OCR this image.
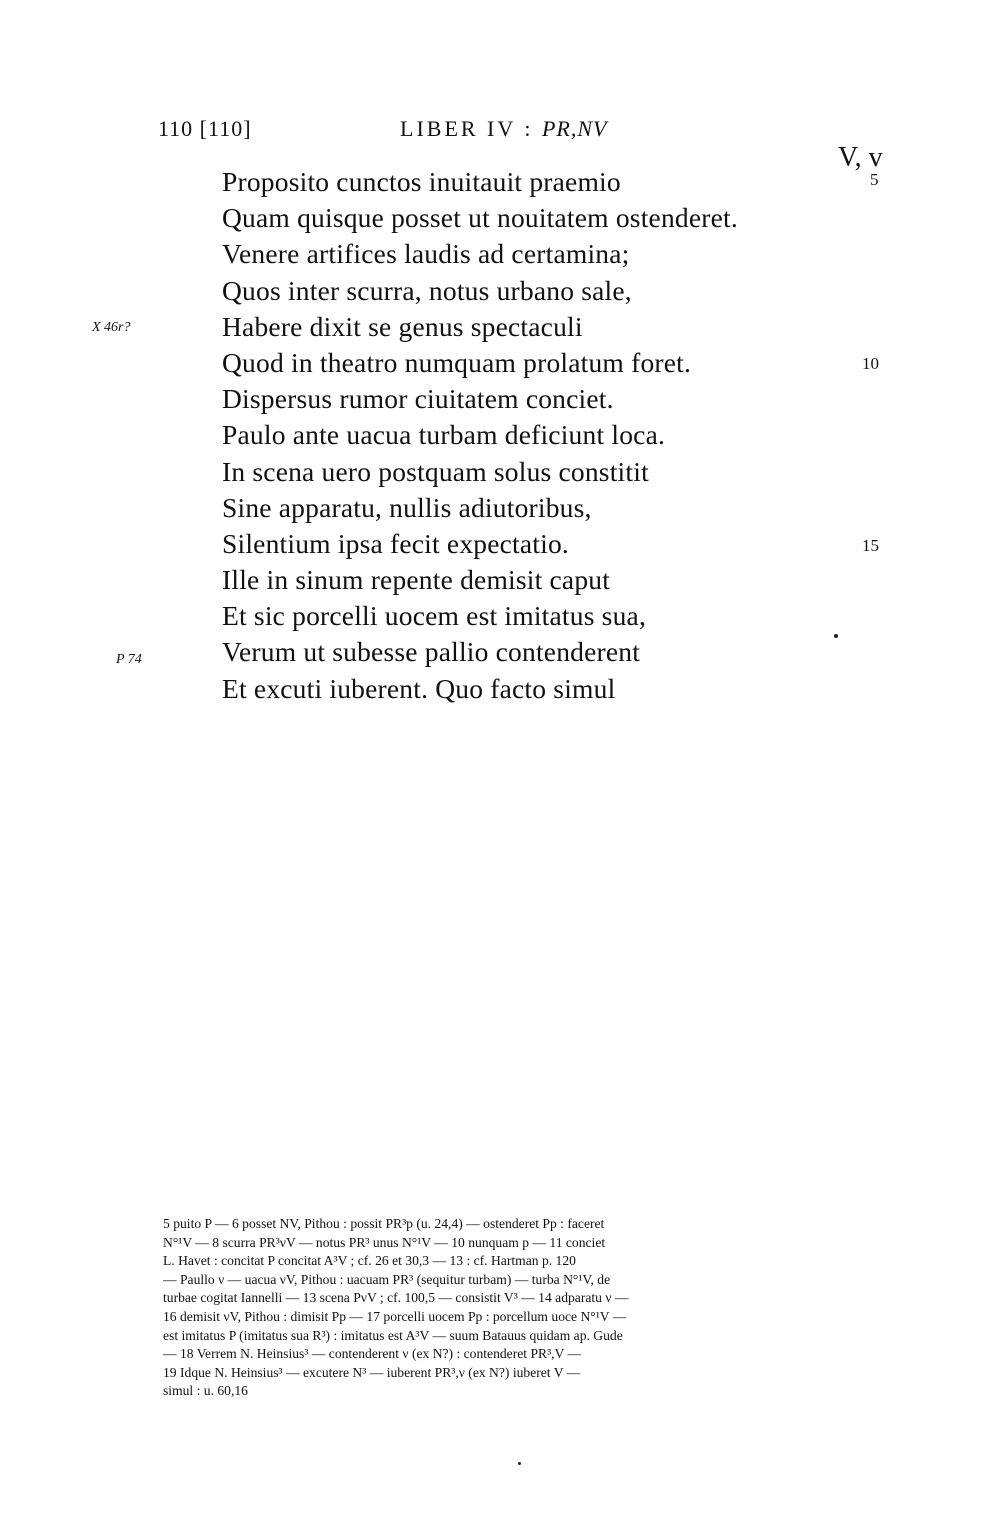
110 [110]	LIBER IV : PR,NV
V, v
X 46r?
P 74
5
10
15
Proposito cunctos inuitauit praemio
Quam quisque posset ut nouitatem ostenderet.
Venere artifices laudis ad certamina;
Quos inter scurra, notus urbano sale,
Habere dixit se genus spectaculi
Quod in theatro numquam prolatum foret.
Dispersus rumor ciuitatem conciet.
Paulo ante uacua turbam deficiunt loca.
In scena uero postquam solus constitit
Sine apparatu, nullis adiutoribus,
Silentium ipsa fecit expectatio.
Ille in sinum repente demisit caput
Et sic porcelli uocem est imitatus sua,
Verum ut subesse pallio contenderent
Et excuti iuberent. Quo facto simul
5 puito P — 6 posset NV, Pithou : possit PR³p (u. 24,4) — ostenderet Pp : faceret
N°¹V — 8 scurra PR³νV — notus PR³ unus N°¹V — 10 nunquam p — 11 conciet
L. Havet : concitat P concitat A³V ; cf. 26 et 30,3 — 13 : cf. Hartman p. 120
— Paullo ν — uacua νV, Pithou : uacuam PR³ (sequitur turbam) — turba N°¹V, de
turbae cogitat Iannelli — 13 scena PνV ; cf. 100,5 — consistit V³ — 14 adparatu ν —
16 demisit νV, Pithou : dimisit Pp — 17 porcelli uocem Pp : porcellum uoce N°¹V —
est imitatus P (imitatus sua R³) : imitatus est A³V — suum Batauus quidam ap. Gude
— 18 Verrem N. Heinsius³ — contenderent ν (ex N?) : contenderet PR³,V —
19 Idque N. Heinsius³ — excutere N³ — iuberent PR³,ν (ex N?) iuberet V —
simul : u. 60,16
